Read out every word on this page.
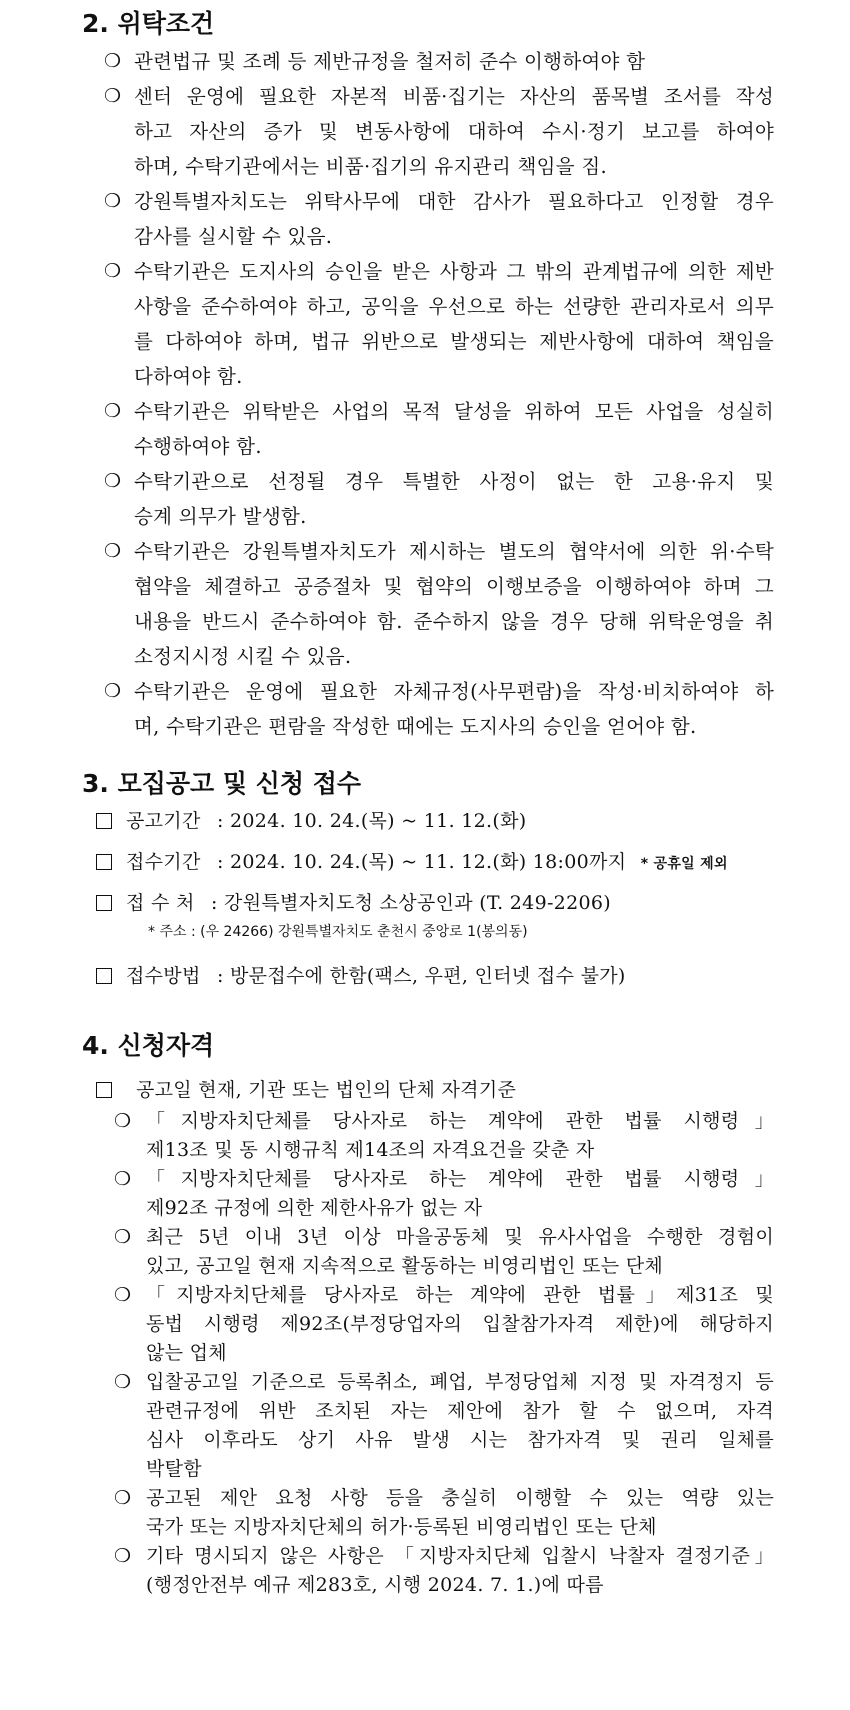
2. 위탁조건
❍ 관련법규 및 조례 등 제반규정을 철저히 준수 이행하여야 함
❍ 센터 운영에 필요한 자본적 비품·집기는 자산의 품목별 조서를 작성
하고 자산의 증가 및 변동사항에 대하여 수시·정기 보고를 하여야
하며, 수탁기관에서는 비품·집기의 유지관리 책임을 짐.
❍ 강원특별자치도는 위탁사무에 대한 감사가 필요하다고 인정할 경우
감사를 실시할 수 있음.
❍ 수탁기관은 도지사의 승인을 받은 사항과 그 밖의 관계법규에 의한 제반
사항을 준수하여야 하고, 공익을 우선으로 하는 선량한 관리자로서 의무
를 다하여야 하며, 법규 위반으로 발생되는 제반사항에 대하여 책임을
다하여야 함.
❍ 수탁기관은 위탁받은 사업의 목적 달성을 위하여 모든 사업을 성실히
수행하여야 함.
❍ 수탁기관으로 선정될 경우 특별한 사정이 없는 한 고용·유지 및
승계 의무가 발생함.
❍ 수탁기관은 강원특별자치도가 제시하는 별도의 협약서에 의한 위·수탁
협약을 체결하고 공증절차 및 협약의 이행보증을 이행하여야 하며 그
내용을 반드시 준수하여야 함. 준수하지 않을 경우 당해 위탁운영을 취
소정지시정 시킬 수 있음.
❍ 수탁기관은 운영에 필요한 자체규정(사무편람)을 작성·비치하여야 하
며, 수탁기관은 편람을 작성한 때에는 도지사의 승인을 얻어야 함.
3. 모집공고 및 신청 접수
공고기간 : 2024. 10. 24.(목) ~ 11. 12.(화)
접수기간 : 2024. 10. 24.(목) ~ 11. 12.(화) 18:00까지 * 공휴일 제외
접 수 처 : 강원특별자치도청 소상공인과 (T. 249-2206)
* 주소 : (우 24266) 강원특별자치도 춘천시 중앙로 1(봉의동)
접수방법 : 방문접수에 한함(팩스, 우편, 인터넷 접수 불가)
4. 신청자격
공고일 현재, 기관 또는 법인의 단체 자격기준
❍ 「지방자치단체를 당사자로 하는 계약에 관한 법률 시행령」
제13조 및 동 시행규칙 제14조의 자격요건을 갖춘 자
❍ 「지방자치단체를 당사자로 하는 계약에 관한 법률 시행령」
제92조 규정에 의한 제한사유가 없는 자
❍ 최근 5년 이내 3년 이상 마을공동체 및 유사사업을 수행한 경험이
있고, 공고일 현재 지속적으로 활동하는 비영리법인 또는 단체
❍ 「지방자치단체를 당사자로 하는 계약에 관한 법률」제31조 및
동법 시행령 제92조(부정당업자의 입찰참가자격 제한)에 해당하지
않는 업체
❍ 입찰공고일 기준으로 등록취소, 폐업, 부정당업체 지정 및 자격정지 등
관련규정에 위반 조치된 자는 제안에 참가 할 수 없으며, 자격
심사 이후라도 상기 사유 발생 시는 참가자격 및 권리 일체를
박탈함
❍ 공고된 제안 요청 사항 등을 충실히 이행할 수 있는 역량 있는
국가 또는 지방자치단체의 허가·등록된 비영리법인 또는 단체
❍ 기타 명시되지 않은 사항은 「지방자치단체 입찰시 낙찰자 결정기준」
(행정안전부 예규 제283호, 시행 2024. 7. 1.)에 따름
